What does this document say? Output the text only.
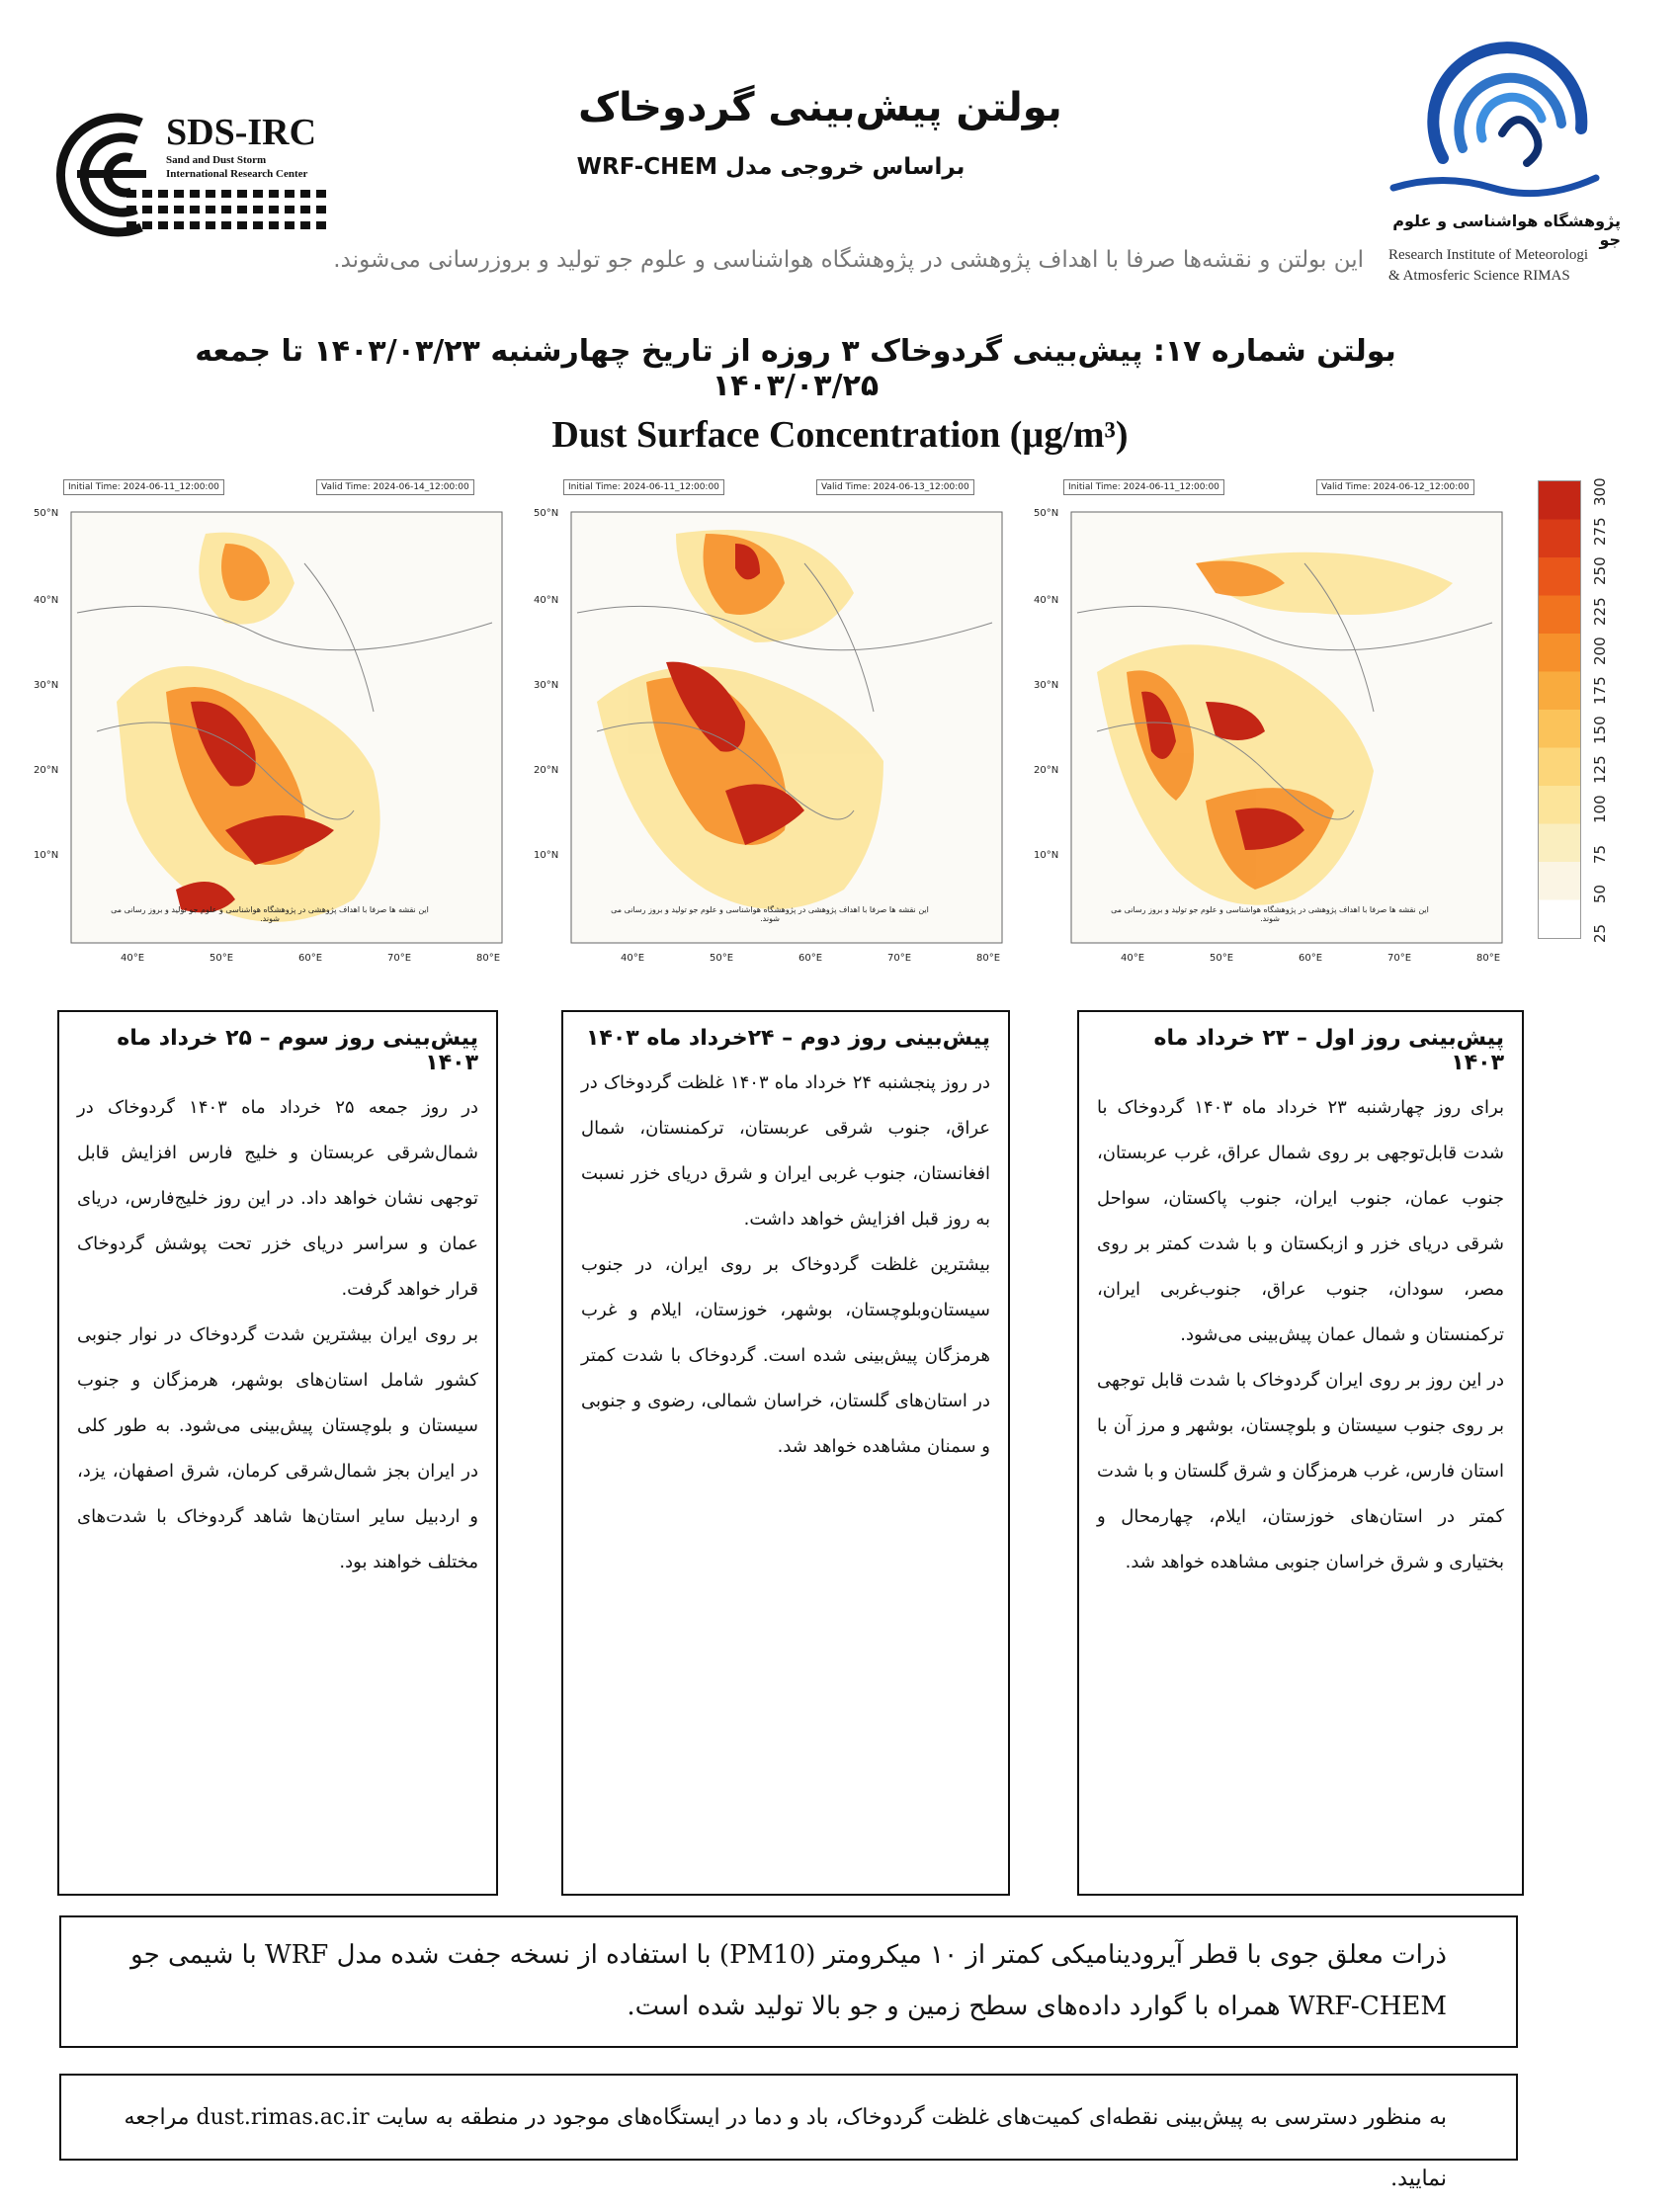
SDS-IRC
Sand and Dust Storm
International Research Center
بولتن پیش‌بینی گردوخاک
براساس خروجی مدل WRF-CHEM
پژوهشگاه هواشناسی و علوم جو
Research Institute of Meteorologi
& Atmosferic Science RIMAS
این بولتن و نقشه‌ها صرفا با اهداف پژوهشی در پژوهشگاه هواشناسی و علوم جو تولید و بروزرسانی می‌شوند.
بولتن شماره ۱۷: پیش‌بینی گردوخاک ۳ روزه از تاریخ چهارشنبه ۱۴۰۳/۰۳/۲۳ تا جمعه ۱۴۰۳/۰۳/۲۵
Dust Surface Concentration (µg/m³)
Initial Time: 2024-06-11_12:00:00	Valid Time: 2024-06-14_12:00:00
50°N
40°N
30°N
20°N
10°N
40°E	50°E	60°E	70°E	80°E
این نقشه ها صرفا با اهداف پژوهشی در پژوهشگاه هواشناسی و علوم جو تولید و بروز رسانی می شوند.
Initial Time: 2024-06-11_12:00:00	Valid Time: 2024-06-13_12:00:00
50°N
40°N
30°N
20°N
10°N
40°E	50°E	60°E	70°E	80°E
این نقشه ها صرفا با اهداف پژوهشی در پژوهشگاه هواشناسی و علوم جو تولید و بروز رسانی می شوند.
Initial Time: 2024-06-11_12:00:00	Valid Time: 2024-06-12_12:00:00
50°N
40°N
30°N
20°N
10°N
40°E	50°E	60°E	70°E	80°E
این نقشه ها صرفا با اهداف پژوهشی در پژوهشگاه هواشناسی و علوم جو تولید و بروز رسانی می شوند.
300
275
250
225
200
175
150
125
100
75
50
25
پیش‌بینی روز سوم – ۲۵ خرداد ماه ۱۴۰۳

در روز جمعه ۲۵ خرداد ماه ۱۴۰۳ گردوخاک در شمال‌شرقی عربستان و خلیج فارس افزایش قابل توجهی نشان خواهد داد. در این روز خلیج‌فارس، دریای عمان و سراسر دریای خزر تحت پوشش گردوخاک قرار خواهد گرفت.

بر روی ایران بیشترین شدت گردوخاک در نوار جنوبی کشور شامل استان‌های بوشهر، هرمزگان و جنوب سیستان و بلوچستان پیش‌بینی می‌شود. به طور کلی در ایران بجز شمال‌شرقی کرمان، شرق اصفهان، یزد، و اردبیل سایر استان‌ها شاهد گردوخاک با شدت‌های مختلف خواهند بود.

پیش‌بینی روز دوم – ۲۴خرداد ماه ۱۴۰۳

در روز پنجشنبه ۲۴ خرداد ماه ۱۴۰۳ غلظت گردوخاک در عراق، جنوب شرقی عربستان، ترکمنستان، شمال افغانستان، جنوب غربی ایران و شرق دریای خزر نسبت به روز قبل افزایش خواهد داشت.

بیشترین غلظت گردوخاک بر روی ایران، در جنوب سیستان‌وبلوچستان، بوشهر، خوزستان، ایلام و غرب هرمزگان پیش‌بینی شده است. گردوخاک با شدت کمتر در استان‌های گلستان، خراسان شمالی، رضوی و جنوبی و سمنان مشاهده خواهد شد.

پیش‌بینی روز اول – ۲۳ خرداد ماه ۱۴۰۳

برای روز چهارشنبه ۲۳ خرداد ماه ۱۴۰۳ گردوخاک با شدت قابل‌توجهی بر روی شمال عراق، غرب عربستان، جنوب عمان، جنوب ایران، جنوب پاکستان، سواحل شرقی دریای خزر و ازبکستان و با شدت کمتر بر روی مصر، سودان، جنوب عراق، جنوب‌غربی ایران، ترکمنستان و شمال عمان پیش‌بینی می‌شود.

در این روز بر روی ایران گردوخاک با شدت قابل توجهی بر روی جنوب سیستان و بلوچستان، بوشهر و مرز آن با استان فارس، غرب هرمزگان و شرق گلستان و با شدت کمتر در استان‌های خوزستان، ایلام، چهارمحال و بختیاری و شرق خراسان جنوبی مشاهده خواهد شد.

ذرات معلق جوی با قطر آیرودینامیکی کمتر از ۱۰ میکرومتر (PM10) با استفاده از نسخه جفت شده مدل WRF با شیمی جو WRF-CHEM همراه با گوارد داده‌های سطح زمین و جو بالا تولید شده است.
به منظور دسترسی به پیش‌بینی نقطه‌ای کمیت‌های غلظت گردوخاک، باد و دما در ایستگاه‌های موجود در منطقه به سایت dust.rimas.ac.ir مراجعه نمایید.
